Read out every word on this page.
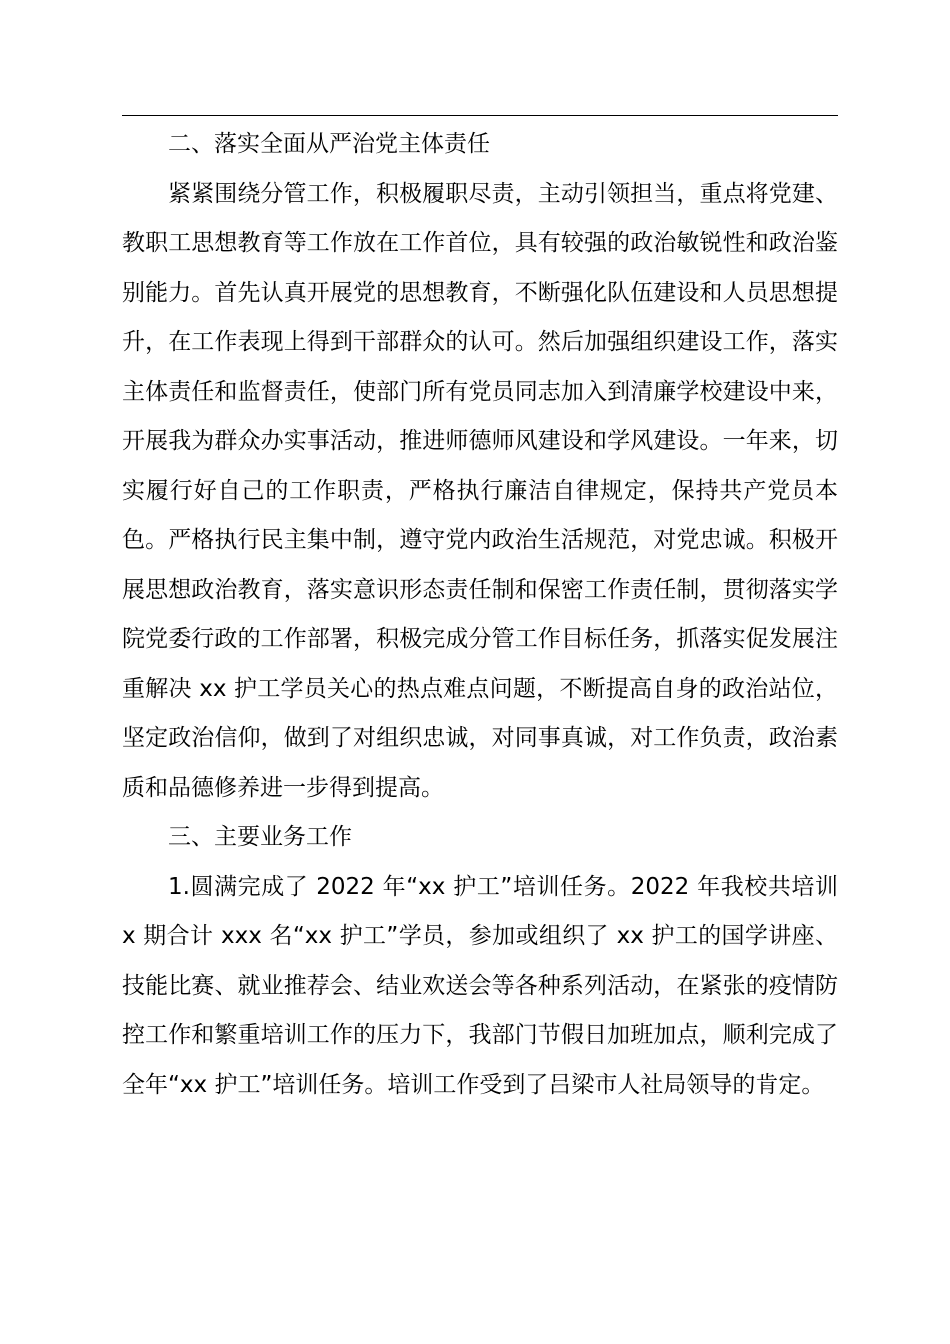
二、落实全面从严治党主体责任

紧紧围绕分管工作，积极履职尽责，主动引领担当，重点将党建、教职工思想教育等工作放在工作首位，具有较强的政治敏锐性和政治鉴别能力。首先认真开展党的思想教育，不断强化队伍建设和人员思想提升，在工作表现上得到干部群众的认可。然后加强组织建设工作，落实主体责任和监督责任，使部门所有党员同志加入到清廉学校建设中来，开展我为群众办实事活动，推进师德师风建设和学风建设。一年来，切实履行好自己的工作职责，严格执行廉洁自律规定，保持共产党员本色。严格执行民主集中制，遵守党内政治生活规范，对党忠诚。积极开展思想政治教育，落实意识形态责任制和保密工作责任制，贯彻落实学院党委行政的工作部署，积极完成分管工作目标任务，抓落实促发展注重解决 xx 护工学员关心的热点难点问题，不断提高自身的政治站位，坚定政治信仰，做到了对组织忠诚，对同事真诚，对工作负责，政治素质和品德修养进一步得到提高。

三、主要业务工作

1.圆满完成了 2022 年“xx 护工”培训任务。2022 年我校共培训 x 期合计 xxx 名“xx 护工”学员，参加或组织了 xx 护工的国学讲座、技能比赛、就业推荐会、结业欢送会等各种系列活动，在紧张的疫情防控工作和繁重培训工作的压力下，我部门节假日加班加点，顺利完成了全年“xx 护工”培训任务。培训工作受到了吕梁市人社局领导的肯定。
